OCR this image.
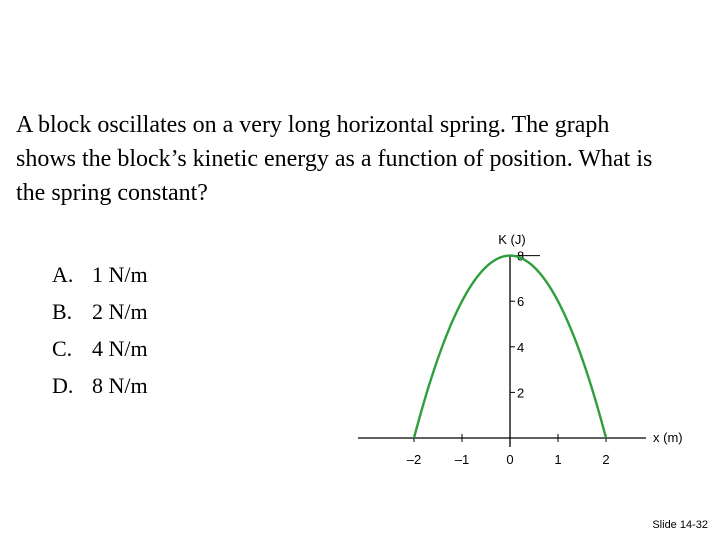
A block oscillates on a very long horizontal spring. The graph shows the block’s kinetic energy as a function of position. What is the spring constant?

A. 1 N/m
B. 2 N/m
C. 4 N/m
D. 8 N/m
–2	–1	0	1	2
2
4
6
8
K (J)
x (m)
Slide 14-32
